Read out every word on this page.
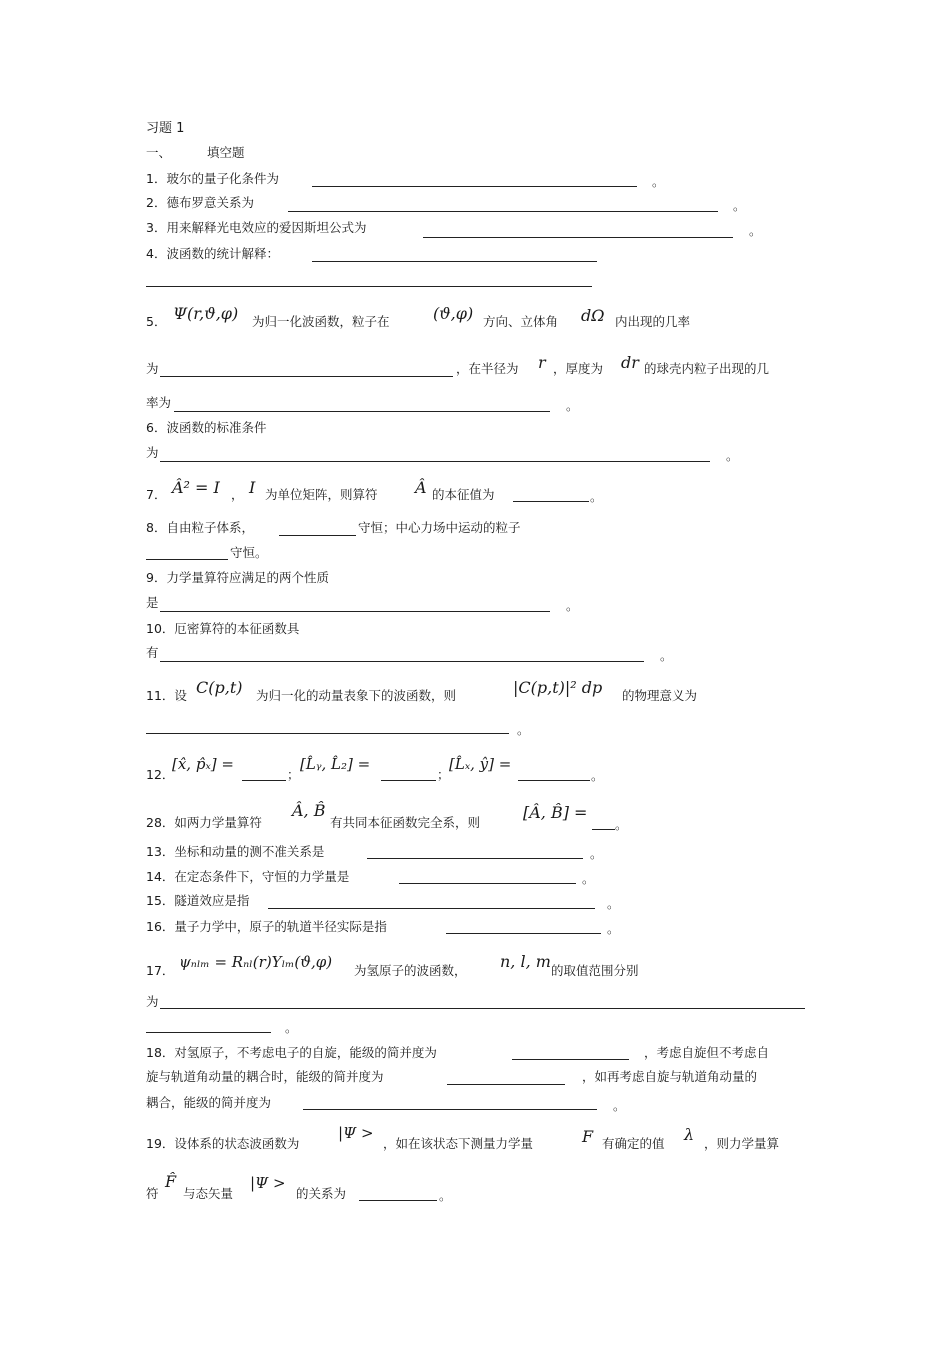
习题 1
一、	填空题
1．玻尔的量子化条件为	。
2．德布罗意关系为	。
3．用来解释光电效应的爱因斯坦公式为	。
4．波函数的统计解释：
5． Ψ(r,ϑ,φ) 为归一化波函数，粒子在	(ϑ,φ) 方向、立体角 dΩ 内出现的几率
为	，在半径为 r ，厚度为 dr 的球壳内粒子出现的几
率为	。
6．波函数的标准条件
为	。
7． Â² = I ， I 为单位矩阵，则算符 Â 的本征值为	。
8．自由粒子体系，	守恒；中心力场中运动的粒子
守恒。
9．力学量算符应满足的两个性质
是	。
10．厄密算符的本征函数具
有	。
11．设 C(p,t) 为归一化的动量表象下的波函数，则	|C(p,t)|² dp 的物理意义为
。
12．
[x̂, p̂ₓ] =
；
[L̂ᵧ, L̂₂] =
；
[L̂ₓ, ŷ] =
。
28．如两力学量算符
Â, B̂
有共同本征函数完全系，则
[Â, B̂] =
。
13．坐标和动量的测不准关系是	。
14．在定态条件下，守恒的力学量是	。
15．隧道效应是指	。
16．量子力学中，原子的轨道半径实际是指	。
17． ψₙₗₘ = Rₙₗ(r)Yₗₘ(ϑ,φ) 为氢原子的波函数， n, l, m 的取值范围分别
为
。
18．对氢原子，不考虑电子的自旋，能级的简并度为	，考虑自旋但不考虑自
旋与轨道角动量的耦合时，能级的简并度为	，如再考虑自旋与轨道角动量的
耦合，能级的简并度为	。
19．设体系的状态波函数为
|Ψ >
，如在该状态下测量力学量	F 有确定的值 λ ，则力学量算
符
F̂
与态矢量
|Ψ >
的关系为	。
